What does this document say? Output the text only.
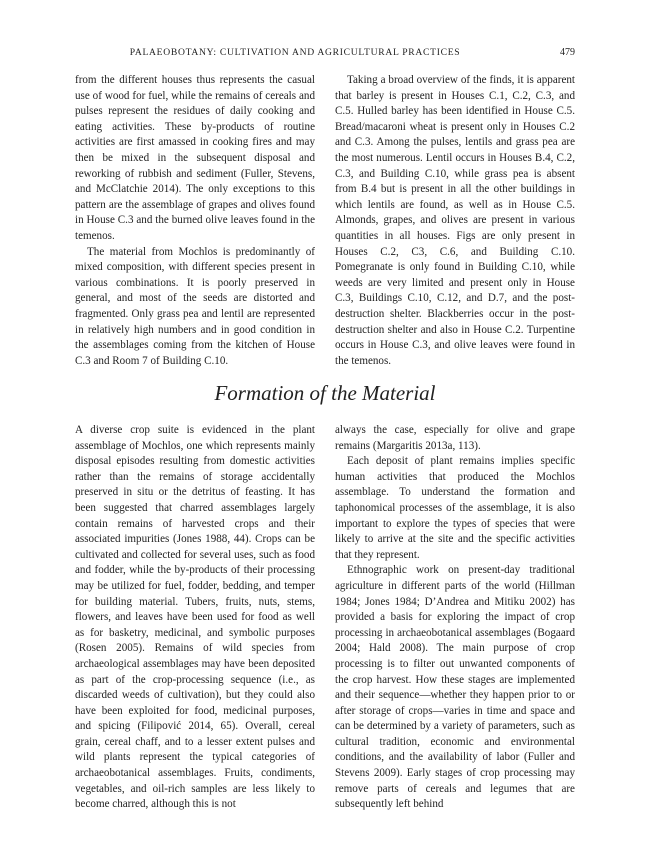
PALAEOBOTANY: CULTIVATION AND AGRICULTURAL PRACTICES	479

from the different houses thus represents the casual use of wood for fuel, while the remains of cereals and pulses represent the residues of daily cooking and eating activities. These by-products of routine activities are first amassed in cooking fires and may then be mixed in the subsequent disposal and reworking of rubbish and sediment (Fuller, Stevens, and McClatchie 2014). The only exceptions to this pattern are the assemblage of grapes and olives found in House C.3 and the burned olive leaves found in the temenos.

The material from Mochlos is predominantly of mixed composition, with different species present in various combinations. It is poorly preserved in general, and most of the seeds are distorted and fragmented. Only grass pea and lentil are represented in relatively high numbers and in good condition in the assemblages coming from the kitchen of House C.3 and Room 7 of Building C.10.

Taking a broad overview of the finds, it is apparent that barley is present in Houses C.1, C.2, C.3, and C.5. Hulled barley has been identified in House C.5. Bread/macaroni wheat is present only in Houses C.2 and C.3. Among the pulses, lentils and grass pea are the most numerous. Lentil occurs in Houses B.4, C.2, C.3, and Building C.10, while grass pea is absent from B.4 but is present in all the other buildings in which lentils are found, as well as in House C.5. Almonds, grapes, and olives are present in various quantities in all houses. Figs are only present in Houses C.2, C3, C.6, and Building C.10. Pomegranate is only found in Building C.10, while weeds are very limited and present only in House C.3, Buildings C.10, C.12, and D.7, and the post-destruction shelter. Blackberries occur in the post-destruction shelter and also in House C.2. Turpentine occurs in House C.3, and olive leaves were found in the temenos.

Formation of the Material

A diverse crop suite is evidenced in the plant assemblage of Mochlos, one which represents mainly disposal episodes resulting from domestic activities rather than the remains of storage accidentally preserved in situ or the detritus of feasting. It has been suggested that charred assemblages largely contain remains of harvested crops and their associated impurities (Jones 1988, 44). Crops can be cultivated and collected for several uses, such as food and fodder, while the by-products of their processing may be utilized for fuel, fodder, bedding, and temper for building material. Tubers, fruits, nuts, stems, flowers, and leaves have been used for food as well as for basketry, medicinal, and symbolic purposes (Rosen 2005). Remains of wild species from archaeological assemblages may have been deposited as part of the crop-processing sequence (i.e., as discarded weeds of cultivation), but they could also have been exploited for food, medicinal purposes, and spicing (Filipović 2014, 65). Overall, cereal grain, cereal chaff, and to a lesser extent pulses and wild plants represent the typical categories of archaeobotanical assemblages. Fruits, condiments, vegetables, and oil-rich samples are less likely to become charred, although this is not

always the case, especially for olive and grape remains (Margaritis 2013a, 113).

Each deposit of plant remains implies specific human activities that produced the Mochlos assemblage. To understand the formation and taphonomical processes of the assemblage, it is also important to explore the types of species that were likely to arrive at the site and the specific activities that they represent.

Ethnographic work on present-day traditional agriculture in different parts of the world (Hillman 1984; Jones 1984; D’Andrea and Mitiku 2002) has provided a basis for exploring the impact of crop processing in archaeobotanical assemblages (Bogaard 2004; Hald 2008). The main purpose of crop processing is to filter out unwanted components of the crop harvest. How these stages are implemented and their sequence—whether they happen prior to or after storage of crops—varies in time and space and can be determined by a variety of parameters, such as cultural tradition, economic and environmental conditions, and the availability of labor (Fuller and Stevens 2009). Early stages of crop processing may remove parts of cereals and legumes that are subsequently left behind
